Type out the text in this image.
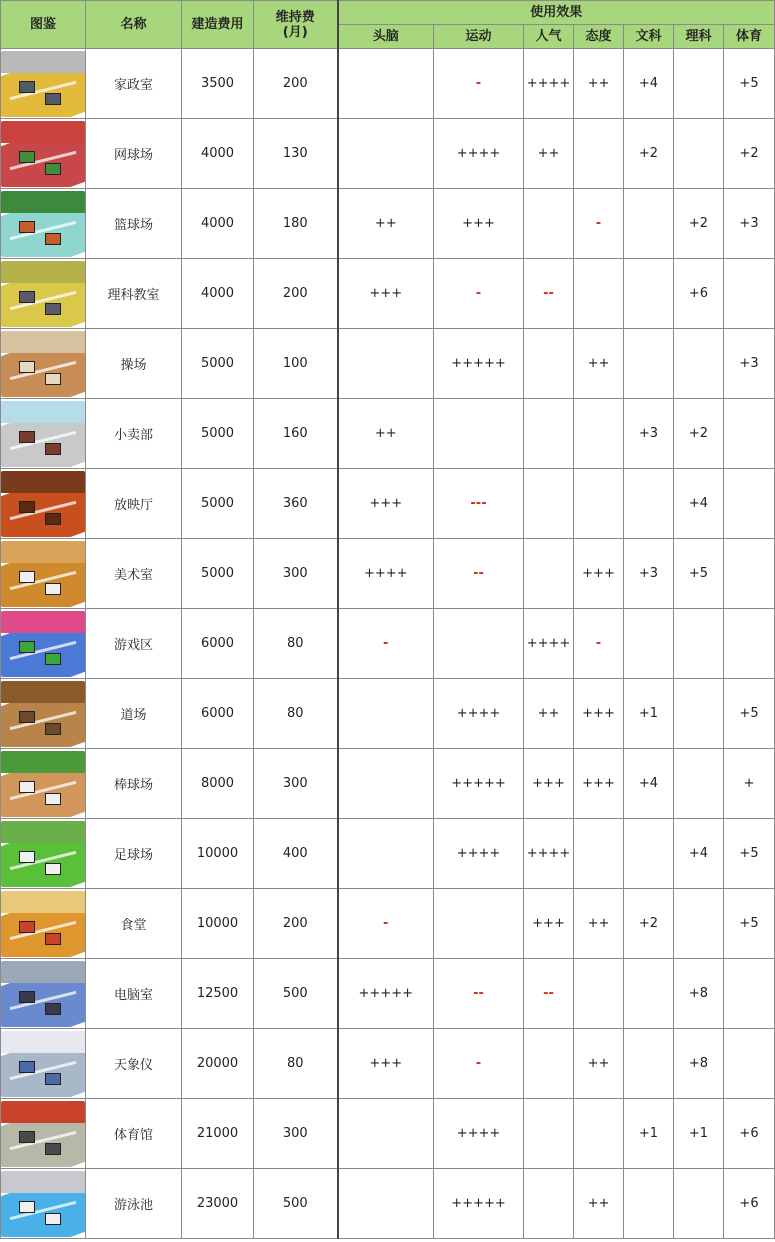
图鉴	名称	建造费用	维持费
(月)	使用效果						
				头脑	运动	人气	态度	文科	理科	体育

	家政室	3500	200		-	++++	++	+4		+5

	网球场	4000	130		++++	++		+2		+2

	篮球场	4000	180	++	+++		-		+2	+3

	理科教室	4000	200	+++	-	--			+6	

	操场	5000	100		+++++		++			+3

	小卖部	5000	160	++				+3	+2	

	放映厅	5000	360	+++	---				+4	

	美术室	5000	300	++++	--		+++	+3	+5	

	游戏区	6000	80	-		++++	-			

	道场	6000	80		++++	++	+++	+1		+5

	棒球场	8000	300		+++++	+++	+++	+4		+

	足球场	10000	400		++++	++++			+4	+5

	食堂	10000	200	-		+++	++	+2		+5

	电脑室	12500	500	+++++	--	--			+8	

	天象仪	20000	80	+++	-		++		+8	

	体育馆	21000	300		++++			+1	+1	+6

	游泳池	23000	500		+++++		++			+6
